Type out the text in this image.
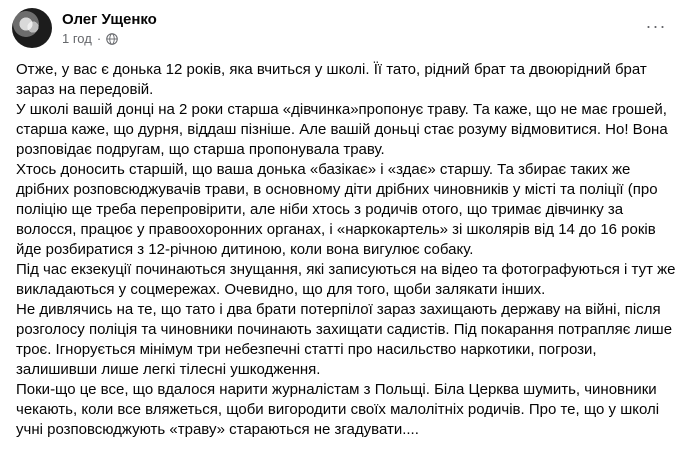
Олег Ущенко
1 год ·
···

Отже, у вас є донька 12 років, яка вчиться у школі. Її тато, рідний брат та двоюрідний брат зараз на передовій.

У школі вашій донці на 2 роки старша «дівчинка»пропонує траву. Та каже, що не має грошей, старша каже, що дурня, віддаш пізніше. Але вашій доньці стає розуму відмовитися. Но! Вона розповідає подругам, що старша пропонувала траву.

Хтось доносить старшій, що ваша донька «базікає» і «здає» старшу. Та збирає таких же дрібних розповсюджувачів трави, в основному діти дрібних чиновників у місті та поліції (про поліцію ще треба перепровірити, але ніби хтось з родичів отого, що тримає дівчинку за волосся, працює у правоохоронних органах, і «наркокартель» зі школярів від 14 до 16 років йде розбиратися з 12-річною дитиною, коли вона вигулює собаку.

Під час екзекуції починаються знущання, які записуються на відео та фотографуються і тут же викладаються у соцмережах. Очевидно, що для того, щоби залякати інших.

Не дивлячись на те, що тато і два брати потерпілої зараз захищають державу на війні, після розголосу поліція та чиновники починають захищати садистів. Під покарання потрапляє лише троє. Ігнорується мінімум три небезпечні статті про насильство наркотики, погрози, залишивши лише легкі тілесні ушкодження.

Поки-що це все, що вдалося нарити журналістам з Польщі. Біла Церква шумить, чиновники чекають, коли все вляжеться, щоби вигородити своїх малолітніх родичів. Про те, що у школі учні розповсюджують «траву» стараються не згадувати....
